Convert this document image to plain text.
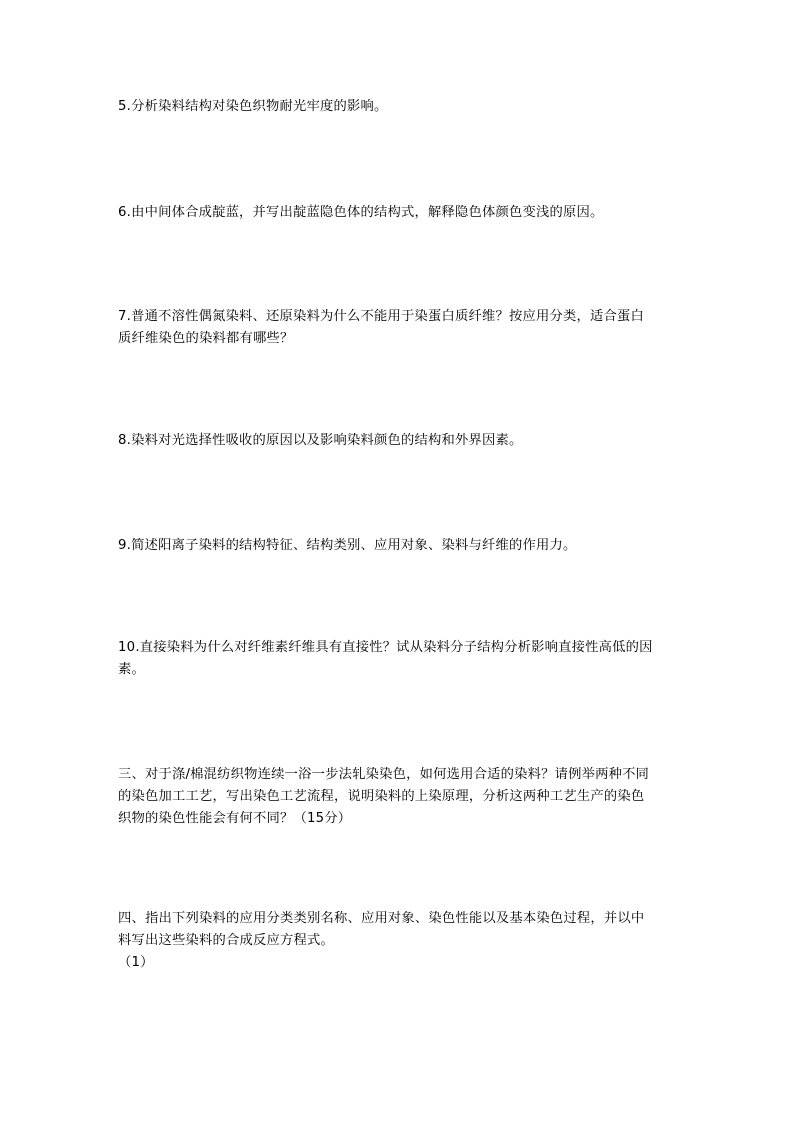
5.分析染料结构对染色织物耐光牢度的影响。
6.由中间体合成靛蓝，并写出靛蓝隐色体的结构式，解释隐色体颜色变浅的原因。
7.普通不溶性偶氮染料、还原染料为什么不能用于染蛋白质纤维？按应用分类，适合蛋白
质纤维染色的染料都有哪些？
8.染料对光选择性吸收的原因以及影响染料颜色的结构和外界因素。
9.简述阳离子染料的结构特征、结构类别、应用对象、染料与纤维的作用力。
10.直接染料为什么对纤维素纤维具有直接性？试从染料分子结构分析影响直接性高低的因
素。
三、对于涤/棉混纺织物连续一浴一步法轧染染色，如何选用合适的染料？请例举两种不同
的染色加工工艺，写出染色工艺流程，说明染料的上染原理，分析这两种工艺生产的染色
织物的染色性能会有何不同？（15分）
四、指出下列染料的应用分类类别名称、应用对象、染色性能以及基本染色过程，并以中
料写出这些染料的合成反应方程式。
（1）
